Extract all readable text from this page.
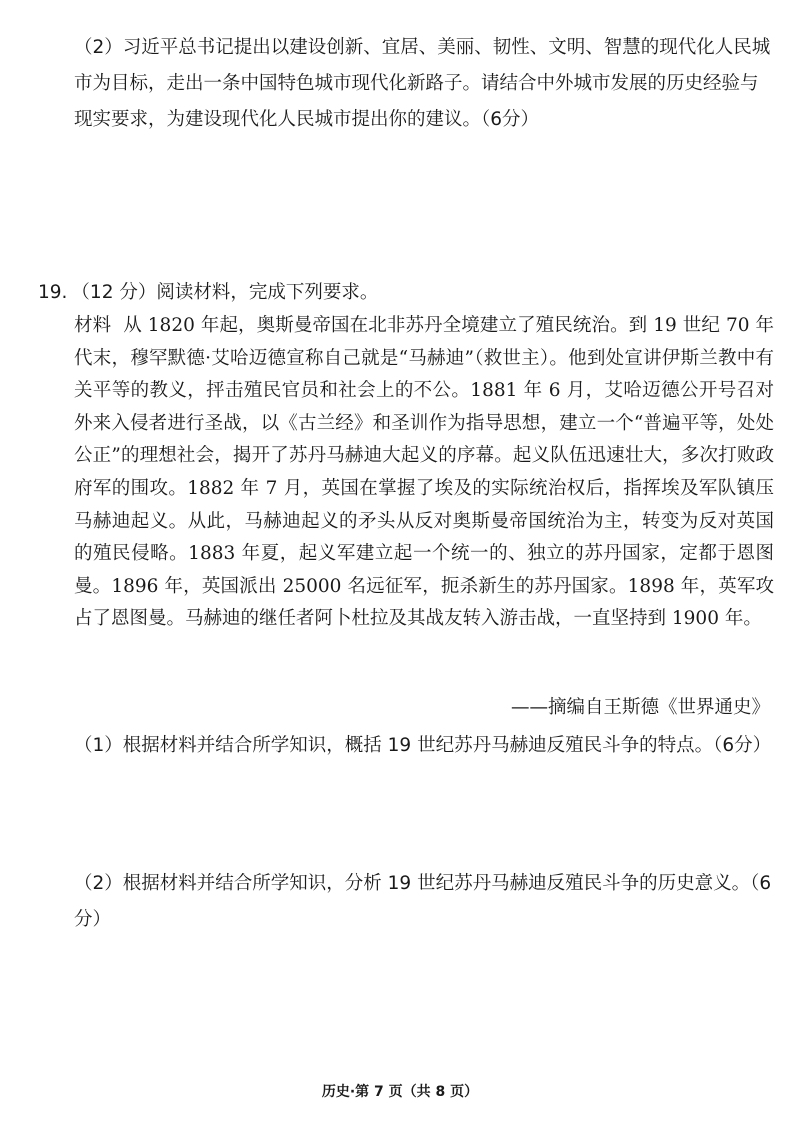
（2）习近平总书记提出以建设创新、宜居、美丽、韧性、文明、智慧的现代化人民城市为目标，走出一条中国特色城市现代化新路子。请结合中外城市发展的历史经验与现实要求，为建设现代化人民城市提出你的建议。（6分）
19. （12 分）阅读材料，完成下列要求。
材料 从 1820 年起，奥斯曼帝国在北非苏丹全境建立了殖民统治。到 19 世纪 70 年代末，穆罕默德·艾哈迈德宣称自己就是“马赫迪”（救世主）。他到处宣讲伊斯兰教中有关平等的教义，抨击殖民官员和社会上的不公。1881 年 6 月，艾哈迈德公开号召对外来入侵者进行圣战，以《古兰经》和圣训作为指导思想，建立一个“普遍平等，处处公正”的理想社会，揭开了苏丹马赫迪大起义的序幕。起义队伍迅速壮大，多次打败政府军的围攻。1882 年 7 月，英国在掌握了埃及的实际统治权后，指挥埃及军队镇压马赫迪起义。从此，马赫迪起义的矛头从反对奥斯曼帝国统治为主，转变为反对英国的殖民侵略。1883 年夏，起义军建立起一个统一的、独立的苏丹国家，定都于恩图曼。1896 年，英国派出 25000 名远征军，扼杀新生的苏丹国家。1898 年，英军攻占了恩图曼。马赫迪的继任者阿卜杜拉及其战友转入游击战，一直坚持到 1900 年。
——摘编自王斯德《世界通史》
（1）根据材料并结合所学知识，概括 19 世纪苏丹马赫迪反殖民斗争的特点。（6分）
（2）根据材料并结合所学知识，分析 19 世纪苏丹马赫迪反殖民斗争的历史意义。（6分）
历史·第 7 页（共 8 页）
